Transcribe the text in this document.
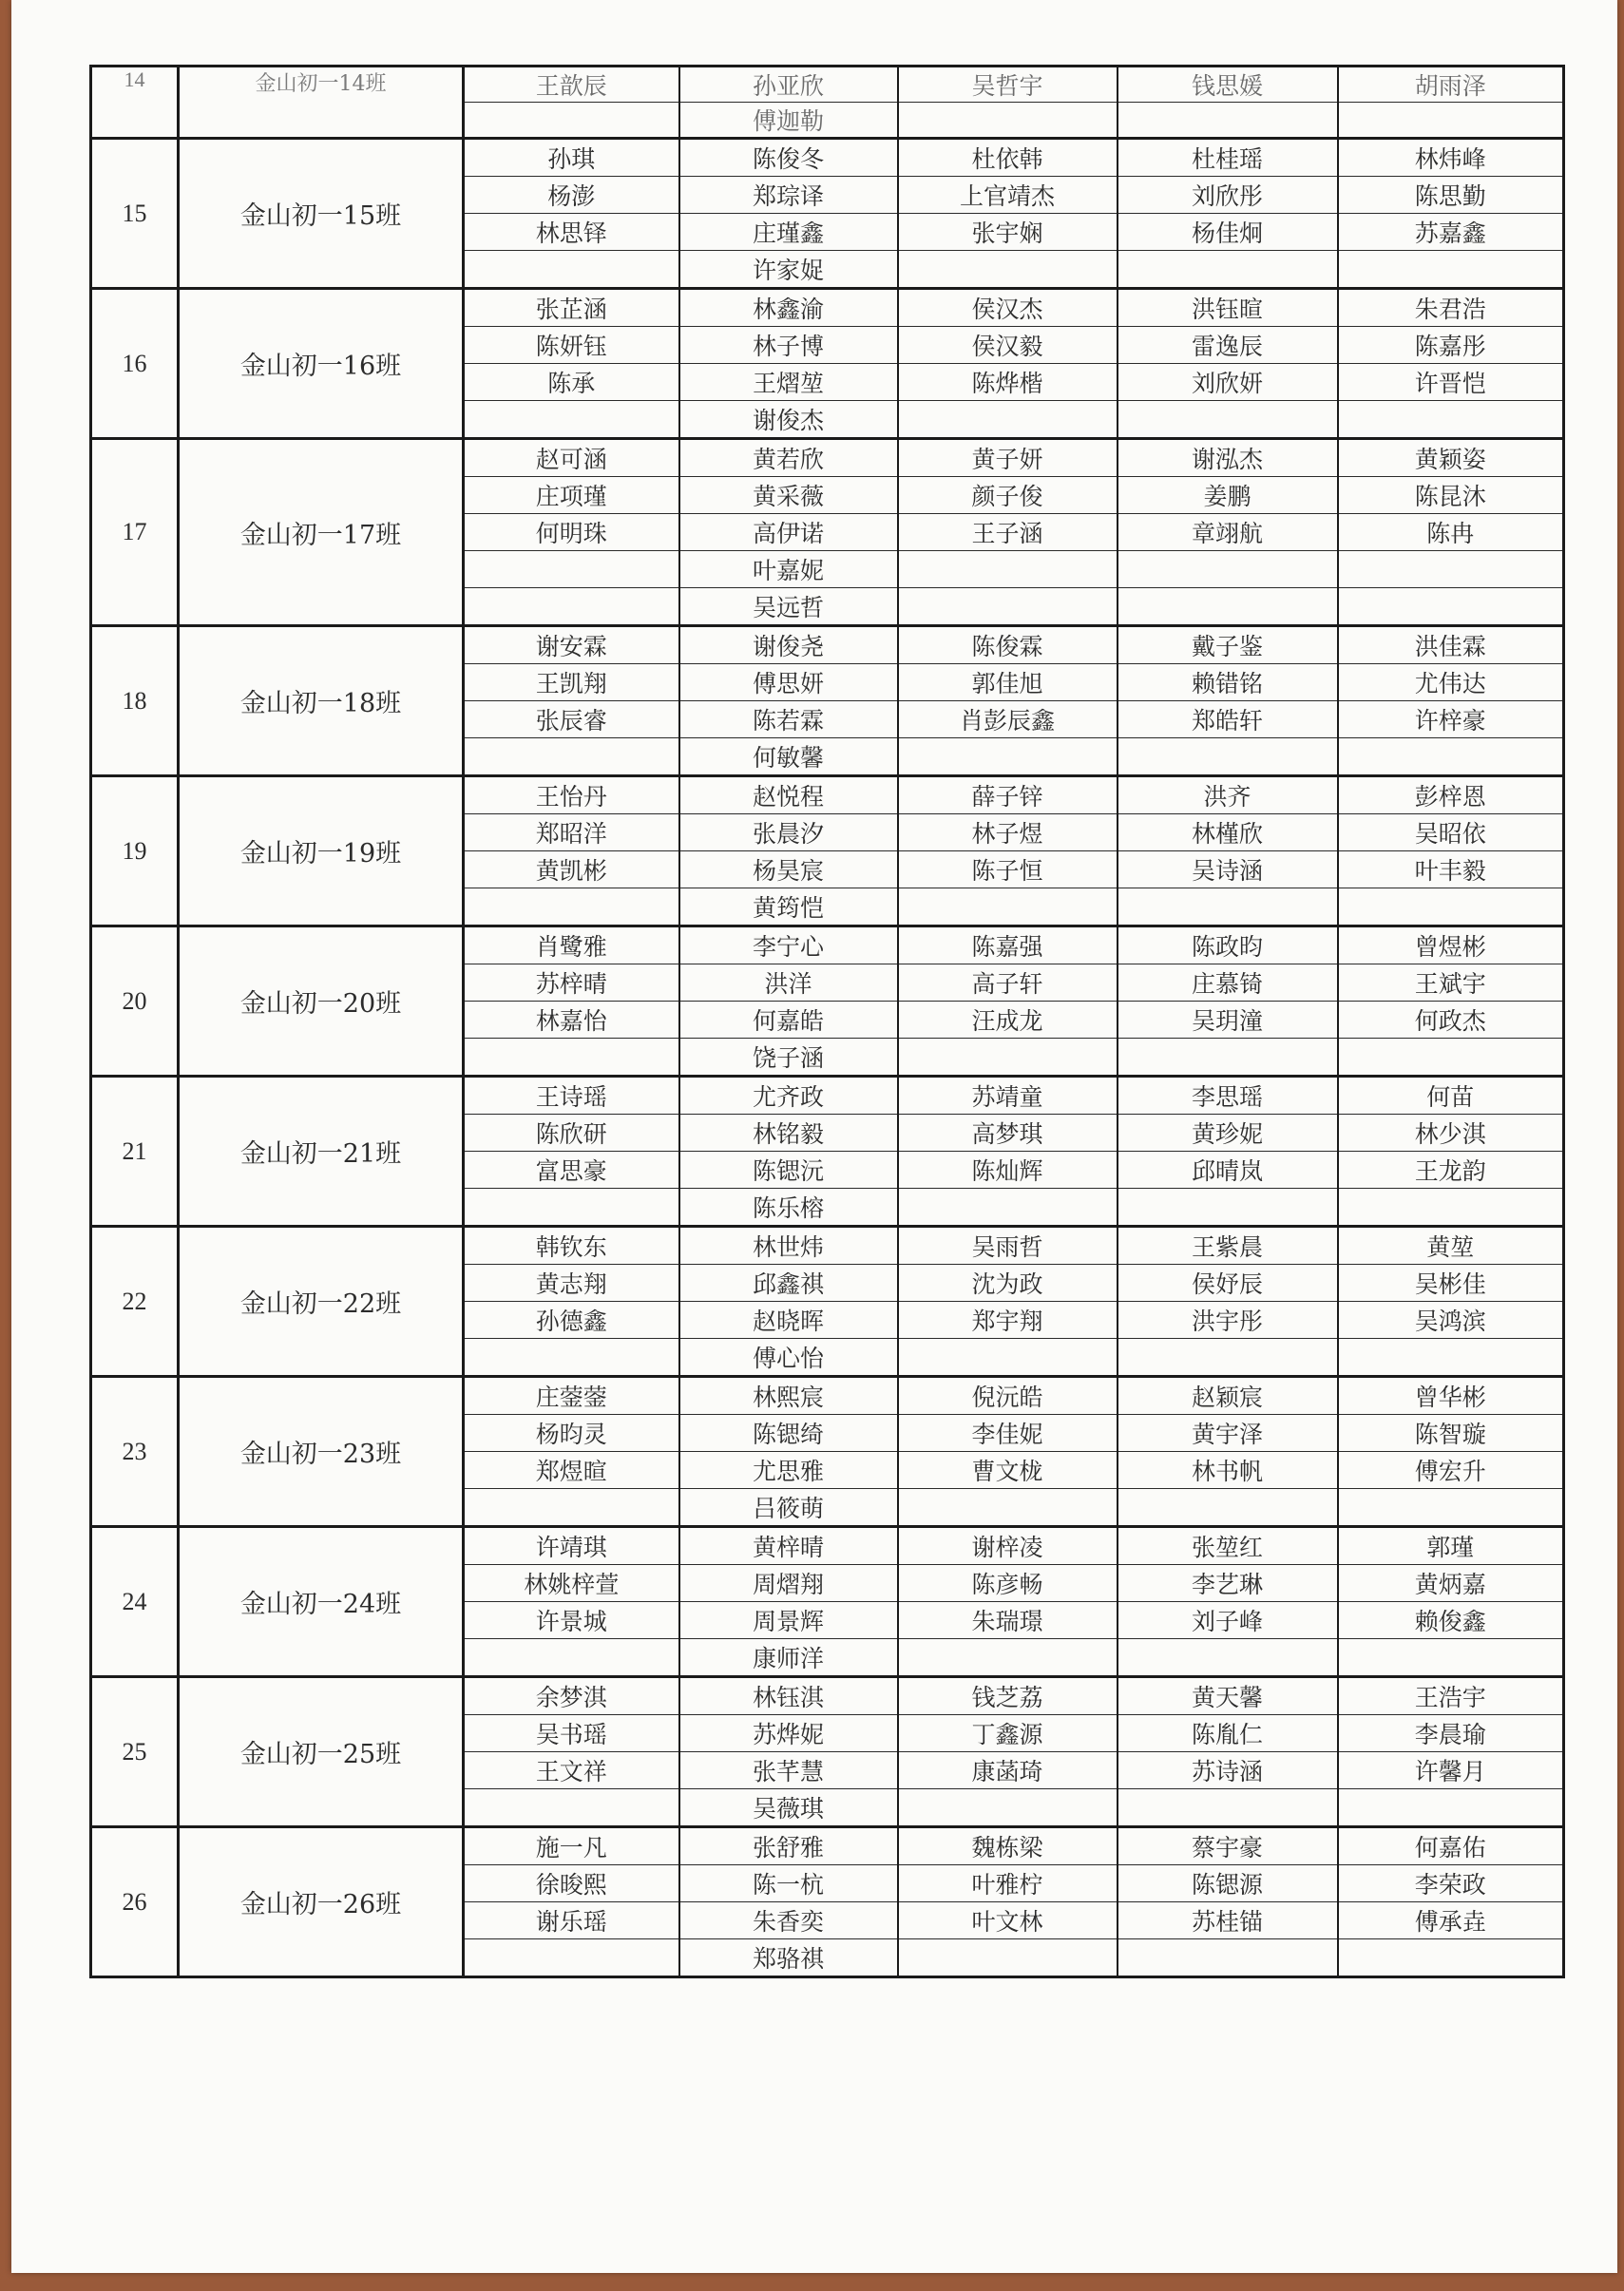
14	金山初一14班	王歆辰	孙亚欣	吴哲宇	钱思媛	胡雨泽
			傅迦勒			
15	金山初一15班	孙琪	陈俊冬	杜依韩	杜桂瑶	林炜峰
		杨澎	郑琮译	上官靖杰	刘欣彤	陈思勤
		林思铎	庄瑾鑫	张宇娴	杨佳炯	苏嘉鑫
			许家娖			
16	金山初一16班	张芷涵	林鑫渝	侯汉杰	洪钰暄	朱君浩
		陈妍钰	林子博	侯汉毅	雷逸辰	陈嘉彤
		陈承	王熠堃	陈烨楷	刘欣妍	许晋恺
			谢俊杰			
17	金山初一17班	赵可涵	黄若欣	黄子妍	谢泓杰	黄颖姿
		庄项瑾	黄采薇	颜子俊	姜鹏	陈昆沐
		何明珠	高伊诺	王子涵	章翊航	陈冉
			叶嘉妮			
			吴远哲			
18	金山初一18班	谢安霖	谢俊尧	陈俊霖	戴子鉴	洪佳霖
		王凯翔	傅思妍	郭佳旭	赖错铭	尤伟达
		张辰睿	陈若霖	肖彭辰鑫	郑皓轩	许梓豪
			何敏馨			
19	金山初一19班	王怡丹	赵悦程	薛子锌	洪齐	彭梓恩
		郑昭洋	张晨汐	林子煜	林槿欣	吴昭依
		黄凯彬	杨昊宸	陈子恒	吴诗涵	叶丰毅
			黄筠恺			
20	金山初一20班	肖鹭雅	李宁心	陈嘉强	陈政昀	曾煜彬
		苏梓晴	洪洋	高子轩	庄慕锜	王斌宇
		林嘉怡	何嘉皓	汪成龙	吴玥潼	何政杰
			饶子涵			
21	金山初一21班	王诗瑶	尤齐政	苏靖童	李思瑶	何苗
		陈欣研	林铭毅	高梦琪	黄珍妮	林少淇
		富思豪	陈锶沅	陈灿辉	邱晴岚	王龙韵
			陈乐榕			
22	金山初一22班	韩钦东	林世炜	吴雨哲	王紫晨	黄堃
		黄志翔	邱鑫祺	沈为政	侯妤辰	吴彬佳
		孙德鑫	赵晓晖	郑宇翔	洪宇彤	吴鸿滨
			傅心怡			
23	金山初一23班	庄蓥蓥	林熙宸	倪沅皓	赵颖宸	曾华彬
		杨昀灵	陈锶绮	李佳妮	黄宇泽	陈智璇
		郑煜暄	尤思雅	曹文栊	林书帆	傅宏升
			吕筱萌			
24	金山初一24班	许靖琪	黄梓晴	谢梓凌	张堃红	郭瑾
		林姚梓萱	周熠翔	陈彦畅	李艺琳	黄炳嘉
		许景城	周景辉	朱瑞璟	刘子峰	赖俊鑫
			康师洋			
25	金山初一25班	余梦淇	林钰淇	钱芝荔	黄天馨	王浩宇
		吴书瑶	苏烨妮	丁鑫源	陈胤仁	李晨瑜
		王文祥	张芊慧	康菡琦	苏诗涵	许馨月
			吴薇琪			
26	金山初一26班	施一凡	张舒雅	魏栋梁	蔡宇豪	何嘉佑
		徐晙熙	陈一杭	叶雅柠	陈锶源	李荣政
		谢乐瑶	朱香奕	叶文林	苏桂锚	傅承垚
			郑骆祺			
